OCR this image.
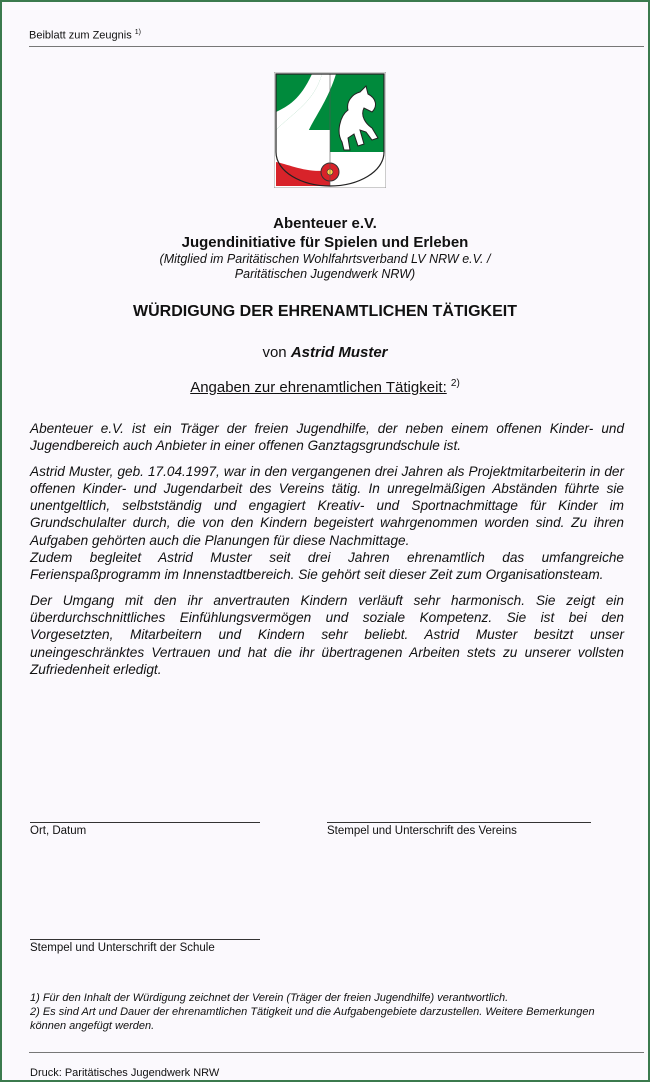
Beiblatt zum Zeugnis $^{1)}$
Abenteuer e.V.
Jugendinitiative für Spielen und Erleben
(Mitglied im Paritätischen Wohlfahrtsverband LV NRW e.V. /
Paritätischen Jugendwerk NRW)
WÜRDIGUNG DER EHRENAMTLICHEN TÄTIGKEIT
von Astrid Muster
Angaben zur ehrenamtlichen Tätigkeit: $^{2)}$

Abenteuer e.V. ist ein Träger der freien Jugendhilfe, der neben einem offenen Kinder- und Jugendbereich auch Anbieter in einer offenen Ganztagsgrundschule ist.

Astrid Muster, geb. 17.04.1997, war in den vergangenen drei Jahren als Projektmitarbeiterin in der offenen Kinder- und Jugendarbeit des Vereins tätig. In unregelmäßigen Abständen führte sie unentgeltlich, selbstständig und engagiert Kreativ- und Sportnachmittage für Kinder im Grundschulalter durch, die von den Kindern begeistert wahrgenommen worden sind. Zu ihren Aufgaben gehörten auch die Planungen für diese Nachmittage.

Zudem begleitet Astrid Muster seit drei Jahren ehrenamtlich das umfangreiche Ferienspaßprogramm im Innenstadtbereich. Sie gehört seit dieser Zeit zum Organisationsteam.

Der Umgang mit den ihr anvertrauten Kindern verläuft sehr harmonisch. Sie zeigt ein überdurchschnittliches Einfühlungsvermögen und soziale Kompetenz. Sie ist bei den Vorgesetzten, Mitarbeitern und Kindern sehr beliebt. Astrid Muster besitzt unser uneingeschränktes Vertrauen und hat die ihr übertragenen Arbeiten stets zu unserer vollsten Zufriedenheit erledigt.

Ort, Datum	Stempel und Unterschrift des Vereins
Stempel und Unterschrift der Schule
1) Für den Inhalt der Würdigung zeichnet der Verein (Träger der freien Jugendhilfe) verantwortlich.
2) Es sind Art und Dauer der ehrenamtlichen Tätigkeit und die Aufgabengebiete darzustellen. Weitere Bemerkungen können angefügt werden.
Druck: Paritätisches Jugendwerk NRW
